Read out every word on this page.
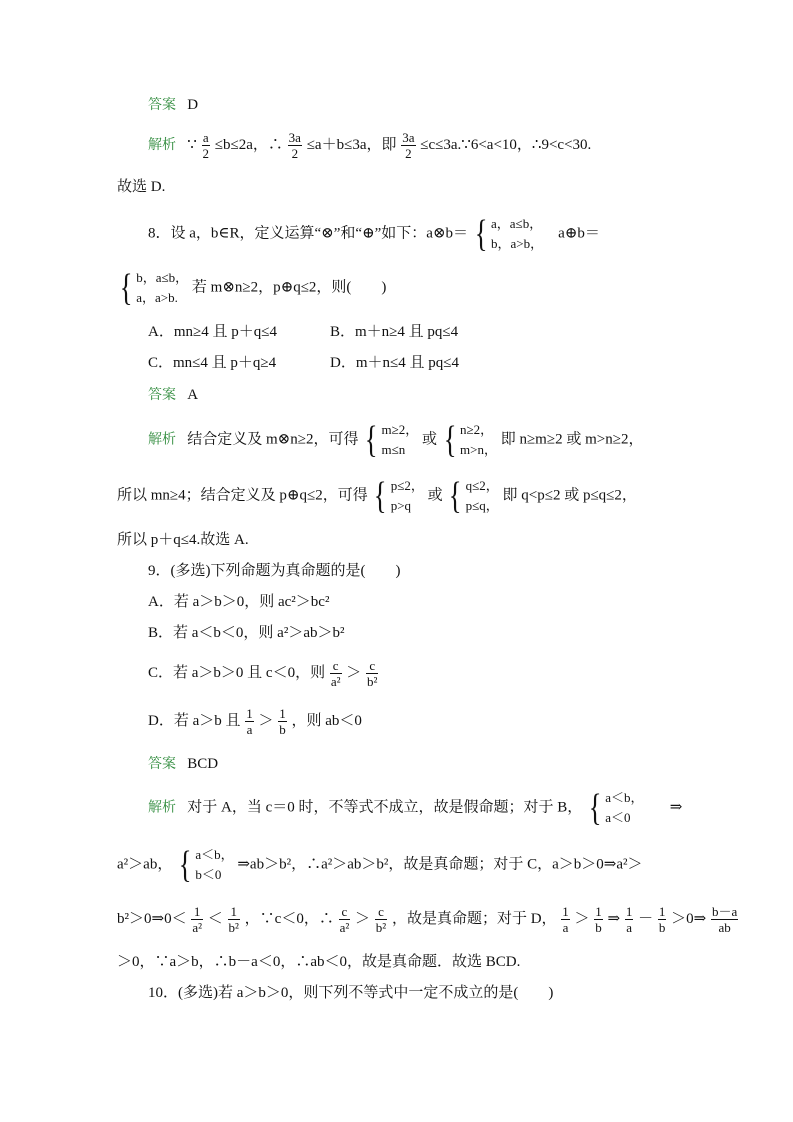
答案 D
解析 ∵ $\frac{a}{2} \le b\le 2a$，∴ $\frac{3a}{2} \le a+b\le 3a$，即 $\frac{3a}{2}$ ≤c≤3a.∵6<a<10，∴9<c<30.
故选 D.
8．设 a，b∈R，定义运算“⊗”和“⊕”如下：a⊗b＝ { a，a≤b，
b，a>b，
a⊕b＝
{ b，a≤b，
a，a>b.
若 m⊗n≥2，p⊕q≤2，则(　　)
A．mn≥4 且 p＋q≤4	B．m＋n≥4 且 pq≤4
C．mn≤4 且 p＋q≥4	D．m＋n≤4 且 pq≤4
答案 A
解析 结合定义及 m⊗n≥2，可得 { m≥2，
m≤n
或 { n≥2，
m>n，
即 n≥m≥2 或 m>n≥2，
所以 mn≥4；结合定义及 p⊕q≤2，可得 { p≤2，
p>q
或 { q≤2，
p≤q，
即 q<p≤2 或 p≤q≤2，
所以 p＋q≤4.故选 A.
9．(多选)下列命题为真命题的是(　　)
A．若 a＞b＞0，则 ac²＞bc²
B．若 a＜b＜0，则 a²＞ab＞b²
C．若 a＞b＞0 且 c＜0，则 $\frac{c}{\text{a²}} > \frac{c}{\text{b²}}$
D．若 a＞b 且 $\frac{1}{a} > \frac{1}{b}$ ，则 ab＜0
答案 BCD
解析 对于 A，当 c＝0 时，不等式不成立，故是假命题；对于 B， { a＜b，
a＜0
⇒
a²＞ab， { a＜b，
b＜0
⇒ab＞b²，∴a²＞ab＞b²，故是真命题；对于 C，a＞b＞0⇒a²＞
b²＞0⇒0＜ $\frac{1}{\text{a²}} < \frac{1}{\text{b²}}$ ，∵c＜0，∴ $\frac{c}{\text{a²}} > \frac{c}{\text{b²}}$ ，故是真命题；对于 D， $\frac{1}{a} > \frac{1}{b}$ ⇒ $\frac{1}{a} - \frac{1}{b}$ ＞0⇒ $\frac{b-a}{ab}$
＞0，∵a＞b，∴b－a＜0，∴ab＜0，故是真命题．故选 BCD.
10．(多选)若 a＞b＞0，则下列不等式中一定不成立的是(　　)
